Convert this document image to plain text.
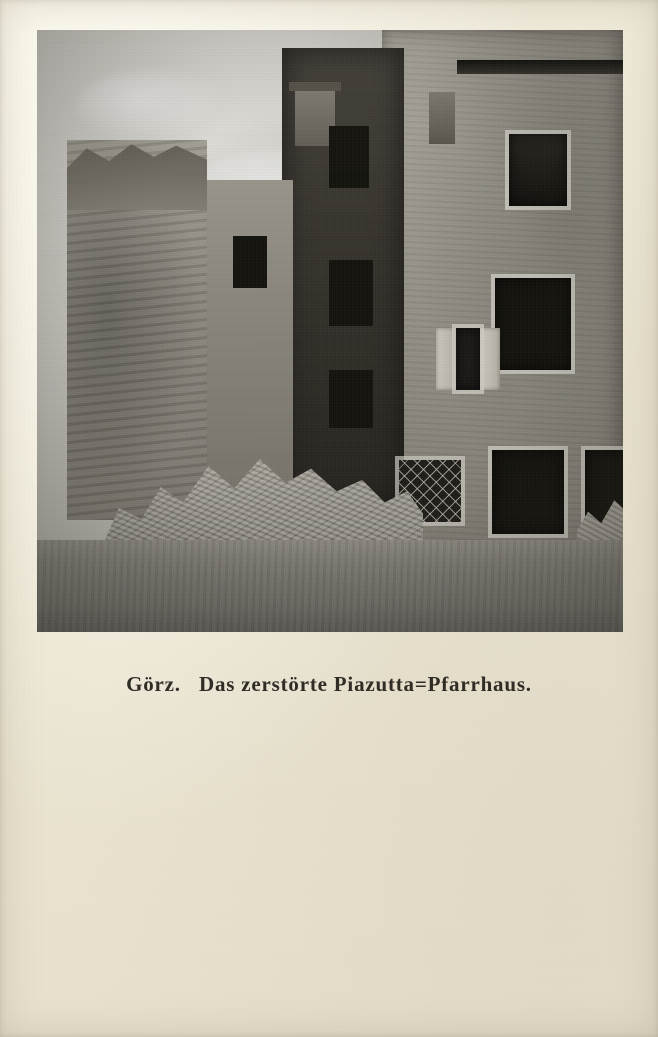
Görz.   Das zerstörte Piazutta=Pfarrhaus.
